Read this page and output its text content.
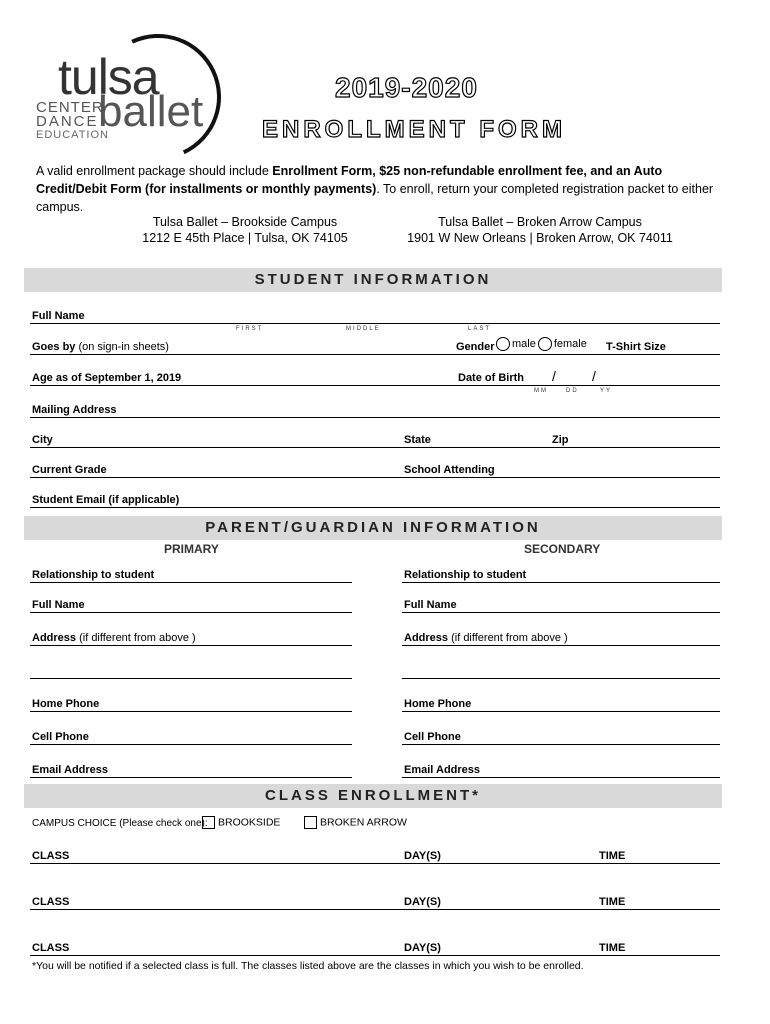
tulsa
ballet
CENTER
DANCE
EDUCATION
2019-2020
ENROLLMENT FORM
A valid enrollment package should include Enrollment Form, $25 non-refundable enrollment fee, and an Auto Credit/Debit Form (for installments or monthly payments). To enroll, return your completed registration packet to either campus.
Tulsa Ballet – Brookside Campus
1212 E 45th Place | Tulsa, OK 74105
Tulsa Ballet – Broken Arrow Campus
1901 W New Orleans | Broken Arrow, OK 74011
STUDENT INFORMATION
Full Name
FIRST	MIDDLE	LAST
Goes by (on sign-in sheets)	Gender	male female T-Shirt Size
Age as of September 1, 2019	Date of Birth /	/
MM	DD	YY
Mailing Address
City	State	Zip
Current Grade	School Attending
Student Email (if applicable)
PARENT/GUARDIAN INFORMATION
PRIMARY	SECONDARY
Relationship to student	Relationship to student
Full Name	Full Name
Address (if different from above )	Address (if different from above )
Home Phone	Home Phone
Cell Phone	Cell Phone
Email Address	Email Address
CLASS ENROLLMENT*
CAMPUS CHOICE (Please check one): BROOKSIDE	BROKEN ARROW
CLASS	DAY(S)	TIME
CLASS	DAY(S)	TIME
CLASS	DAY(S)	TIME
*You will be notified if a selected class is full. The classes listed above are the classes in which you wish to be enrolled.
